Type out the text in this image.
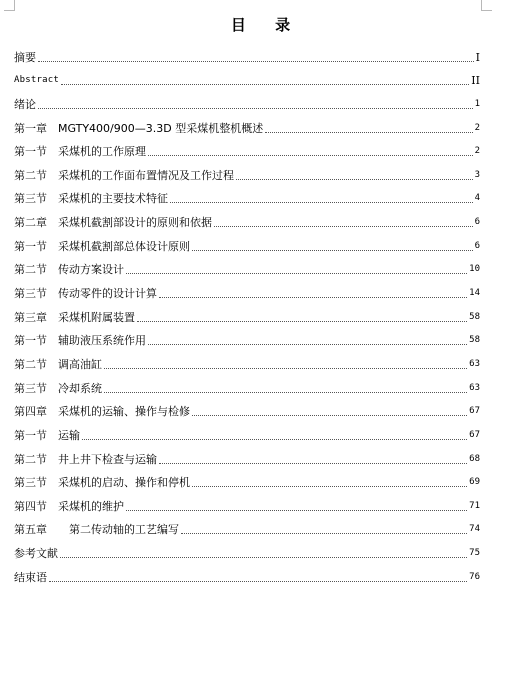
目 录
摘要	I
Abstract	II
绪论	1
第一章　MGTY400/900—3.3D 型采煤机整机概述	2
第一节　采煤机的工作原理	2
第二节　采煤机的工作面布置情况及工作过程	3
第三节　采煤机的主要技术特征	4
第二章　采煤机截割部设计的原则和依据	6
第一节　采煤机截割部总体设计原则	6
第二节　传动方案设计	10
第三节　传动零件的设计计算	14
第三章　采煤机附属装置	58
第一节　辅助液压系统作用	58
第二节　调高油缸	63
第三节　冷却系统	63
第四章　采煤机的运输、操作与检修	67
第一节　运输	67
第二节　井上井下检查与运输	68
第三节　采煤机的启动、操作和停机	69
第四节　采煤机的维护	71
第五章　　第二传动轴的工艺编写	74
参考文献	75
结束语	76
